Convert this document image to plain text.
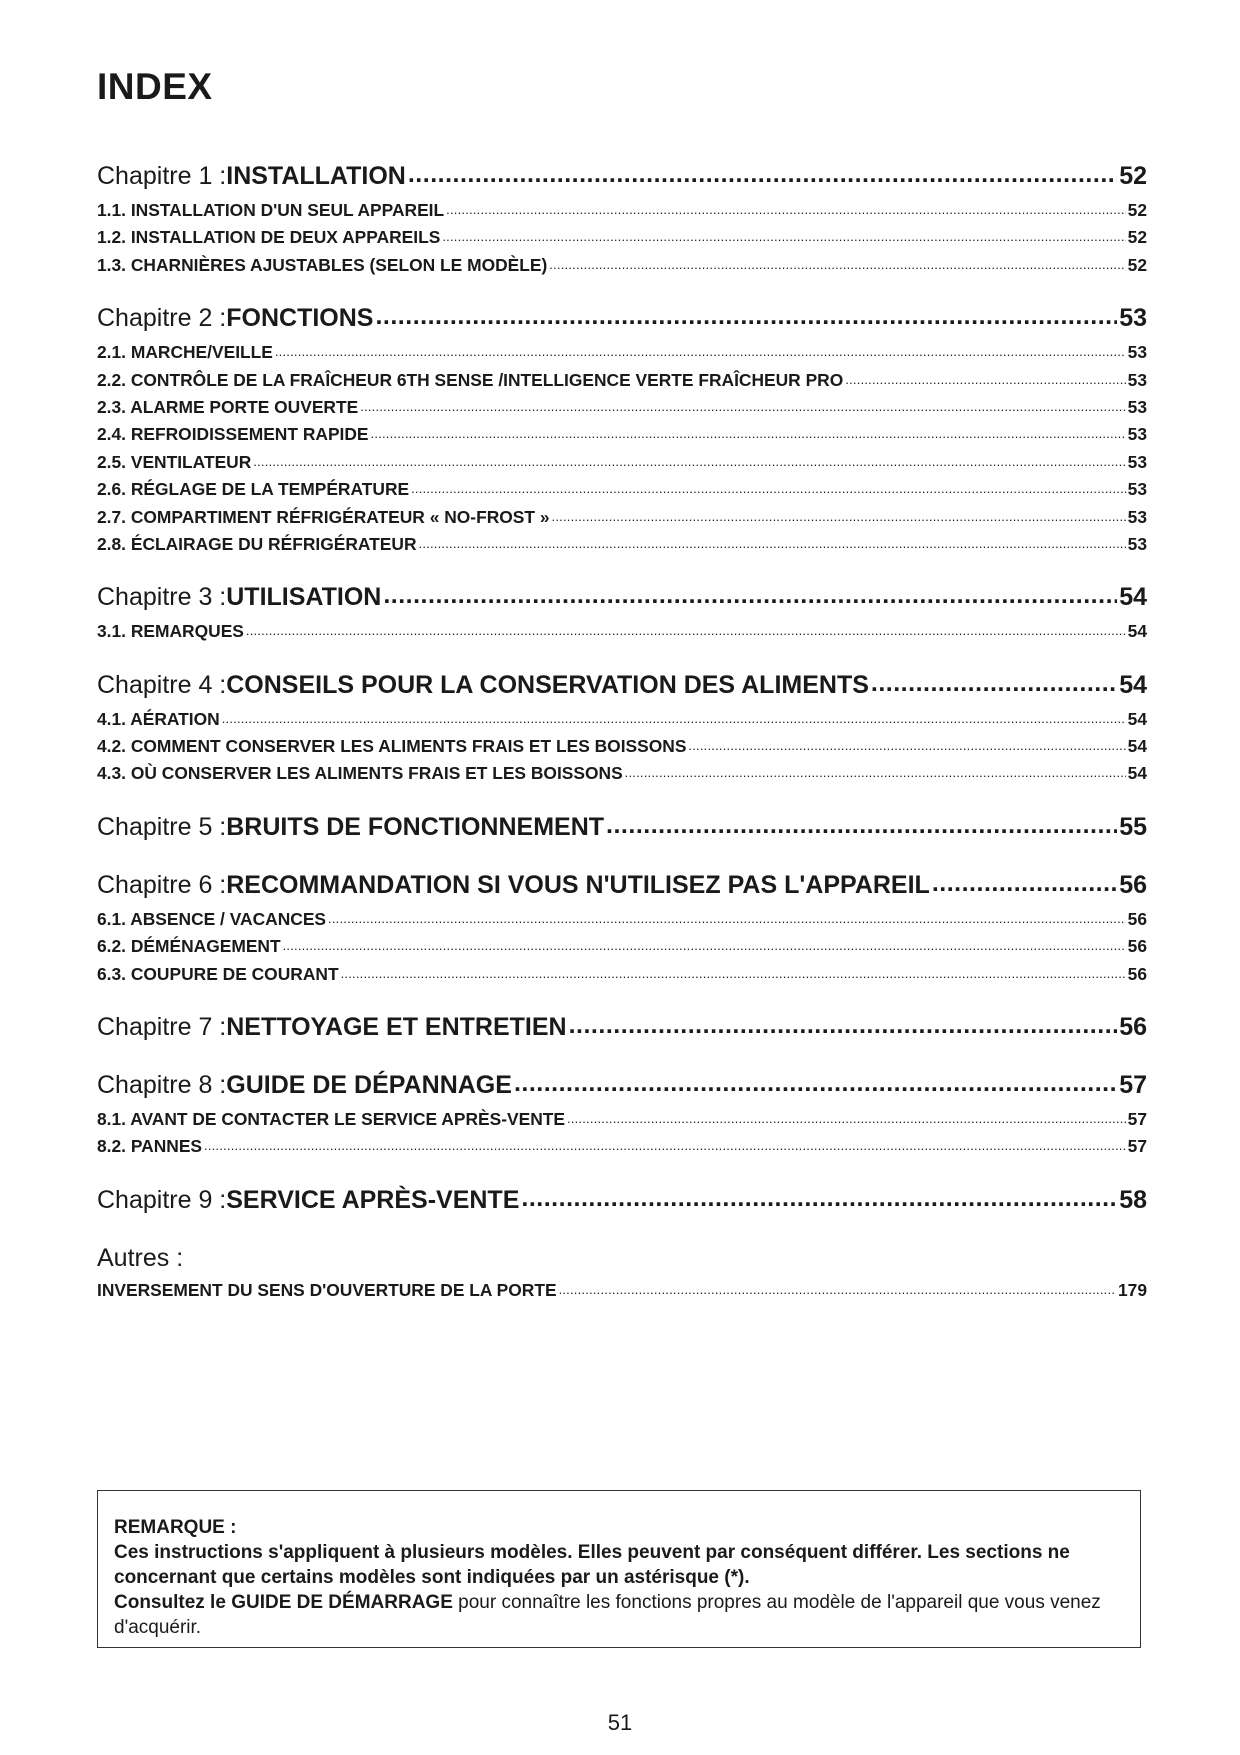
INDEX
Chapitre 1 : INSTALLATION .....	52
1.1. INSTALLATION D'UN SEUL APPAREIL .....	52
1.2. INSTALLATION DE DEUX APPAREILS .....	52
1.3. CHARNIÈRES AJUSTABLES (SELON LE MODÈLE) .....	52
Chapitre 2 : FONCTIONS .....	53
2.1. MARCHE/VEILLE .....	53
2.2. CONTRÔLE DE LA FRAÎCHEUR 6TH SENSE /INTELLIGENCE VERTE FRAÎCHEUR PRO .....	53
2.3. ALARME PORTE OUVERTE .....	53
2.4. REFROIDISSEMENT RAPIDE .....	53
2.5. VENTILATEUR .....	53
2.6. RÉGLAGE DE LA TEMPÉRATURE .....	53
2.7. COMPARTIMENT RÉFRIGÉRATEUR « NO-FROST » .....	53
2.8. ÉCLAIRAGE DU RÉFRIGÉRATEUR .....	53
Chapitre 3 : UTILISATION .....	54
3.1. REMARQUES .....	54
Chapitre 4 : CONSEILS POUR LA CONSERVATION DES ALIMENTS .....	54
4.1. AÉRATION .....	54
4.2. COMMENT CONSERVER LES ALIMENTS FRAIS ET LES BOISSONS .....	54
4.3. OÙ CONSERVER LES ALIMENTS FRAIS ET LES BOISSONS .....	54
Chapitre 5 : BRUITS DE FONCTIONNEMENT .....	55
Chapitre 6 : RECOMMANDATION SI VOUS N'UTILISEZ PAS L'APPAREIL .....	56
6.1. ABSENCE / VACANCES .....	56
6.2. DÉMÉNAGEMENT .....	56
6.3. COUPURE DE COURANT .....	56
Chapitre 7 : NETTOYAGE ET ENTRETIEN .....	56
Chapitre 8 : GUIDE DE DÉPANNAGE .....	57
8.1. AVANT DE CONTACTER LE SERVICE APRÈS-VENTE .....	57
8.2. PANNES .....	57
Chapitre 9 : SERVICE APRÈS-VENTE .....	58
Autres :
INVERSEMENT DU SENS D'OUVERTURE DE LA PORTE .....	179
REMARQUE :
Ces instructions s'appliquent à plusieurs modèles. Elles peuvent par conséquent différer. Les sections ne concernant que certains modèles sont indiquées par un astérisque (*).
Consultez le GUIDE DE DÉMARRAGE pour connaître les fonctions propres au modèle de l'appareil que vous venez d'acquérir.
51
